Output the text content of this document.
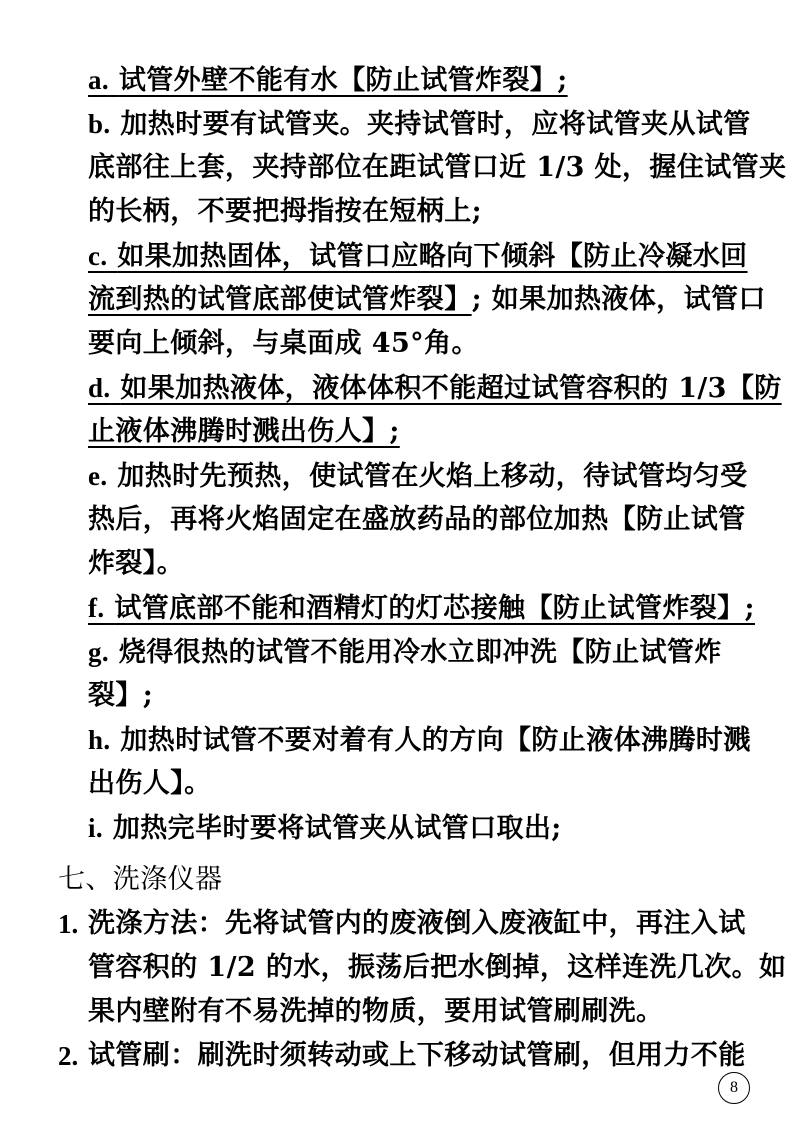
a. 试管外壁不能有水【防止试管炸裂】;
b. 加热时要有试管夹。夹持试管时，应将试管夹从试管
底部往上套，夹持部位在距试管口近 1/3 处，握住试管夹
的长柄，不要把拇指按在短柄上;
c. 如果加热固体，试管口应略向下倾斜【防止冷凝水回
流到热的试管底部使试管炸裂】; 如果加热液体，试管口
要向上倾斜，与桌面成 45°角。
d. 如果加热液体，液体体积不能超过试管容积的 1/3【防
止液体沸腾时溅出伤人】;
e. 加热时先预热，使试管在火焰上移动，待试管均匀受
热后，再将火焰固定在盛放药品的部位加热【防止试管
炸裂】。
f. 试管底部不能和酒精灯的灯芯接触【防止试管炸裂】;
g. 烧得很热的试管不能用冷水立即冲洗【防止试管炸
裂】;
h. 加热时试管不要对着有人的方向【防止液体沸腾时溅
出伤人】。
i. 加热完毕时要将试管夹从试管口取出;
七、洗涤仪器
1. 洗涤方法：先将试管内的废液倒入废液缸中，再注入试
管容积的 1/2 的水，振荡后把水倒掉，这样连洗几次。如
果内壁附有不易洗掉的物质，要用试管刷刷洗。
2. 试管刷：刷洗时须转动或上下移动试管刷，但用力不能
8
